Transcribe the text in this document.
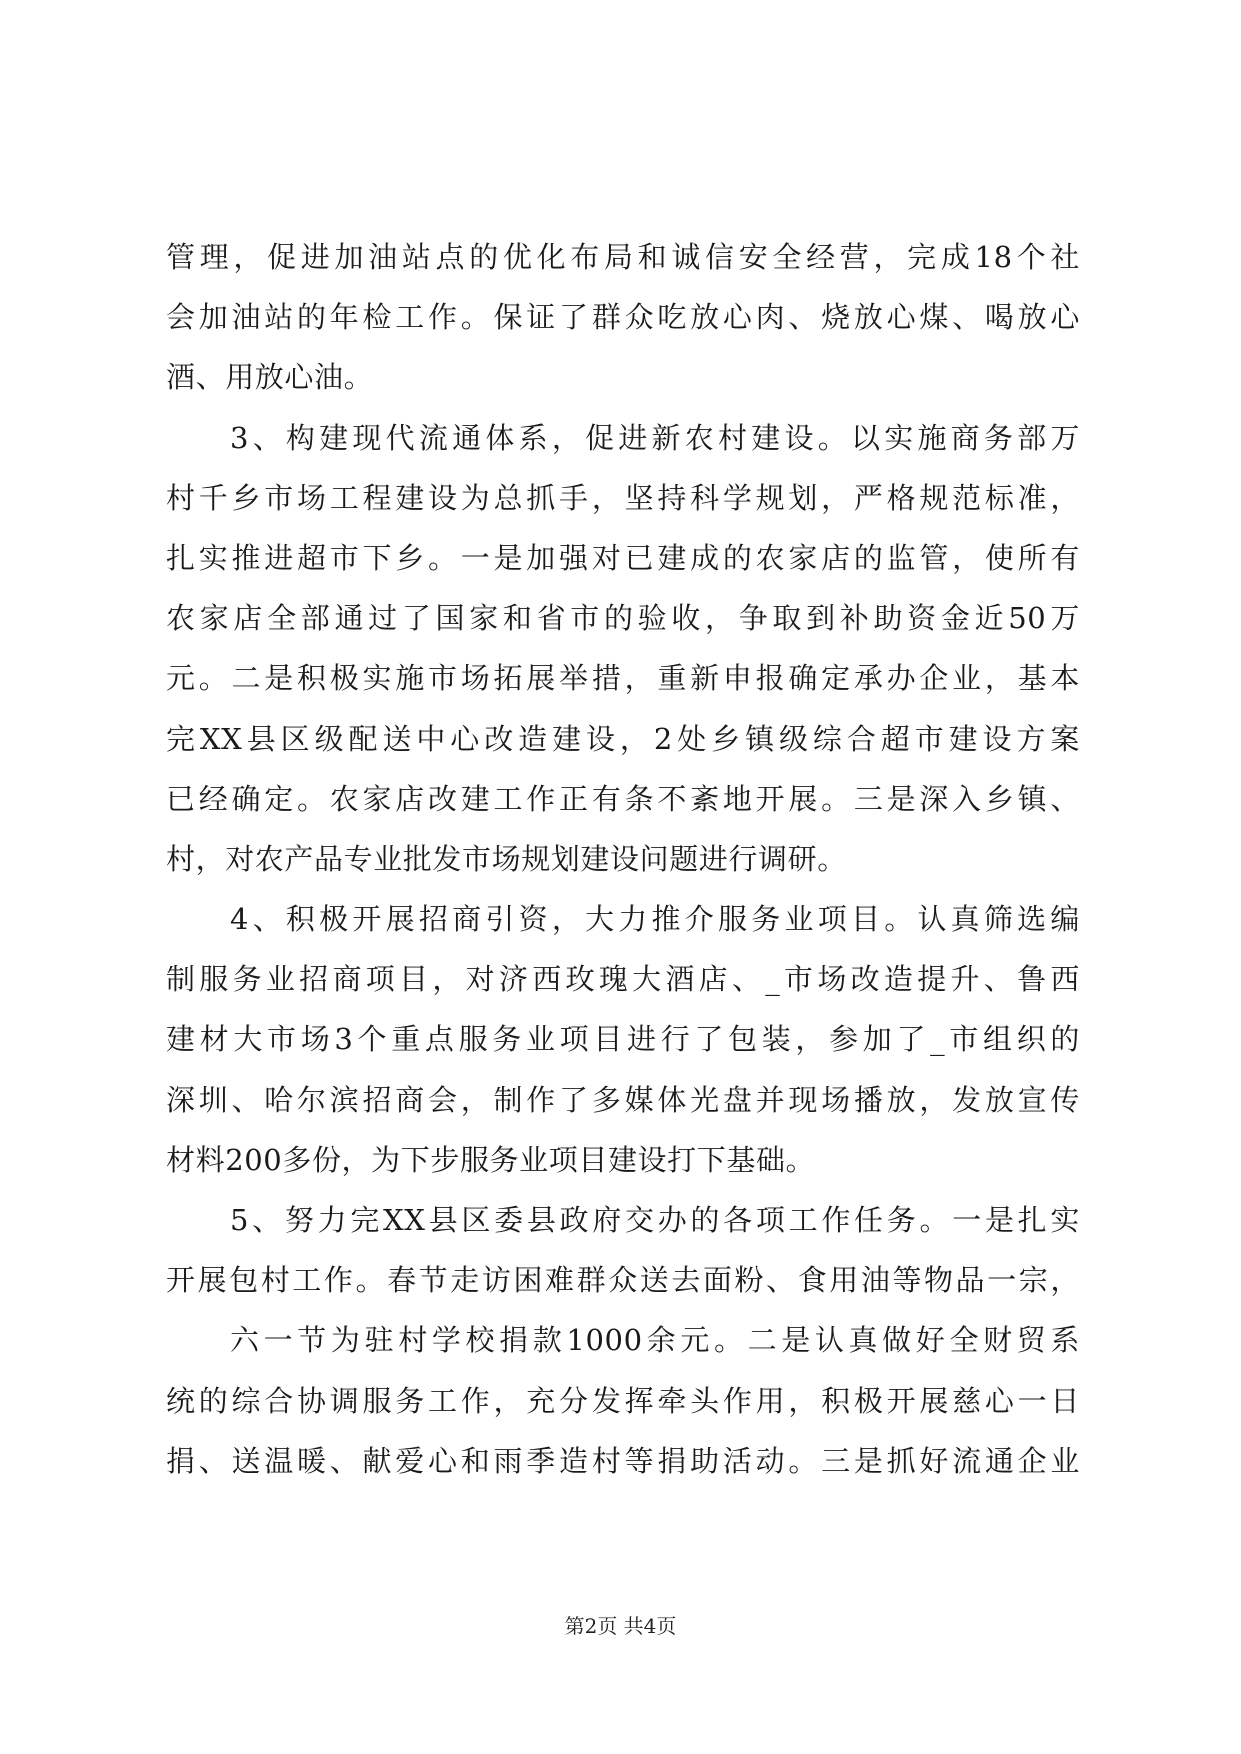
管理，促进加油站点的优化布局和诚信安全经营，完成18个社
会加油站的年检工作。保证了群众吃放心肉、烧放心煤、喝放心
酒、用放心油。
3、构建现代流通体系，促进新农村建设。以实施商务部万
村千乡市场工程建设为总抓手，坚持科学规划，严格规范标准，
扎实推进超市下乡。一是加强对已建成的农家店的监管，使所有
农家店全部通过了国家和省市的验收，争取到补助资金近50万
元。二是积极实施市场拓展举措，重新申报确定承办企业，基本
完XX县区级配送中心改造建设，2处乡镇级综合超市建设方案
已经确定。农家店改建工作正有条不紊地开展。三是深入乡镇、
村，对农产品专业批发市场规划建设问题进行调研。
4、积极开展招商引资，大力推介服务业项目。认真筛选编
制服务业招商项目，对济西玫瑰大酒店、_市场改造提升、鲁西
建材大市场3个重点服务业项目进行了包装，参加了_市组织的
深圳、哈尔滨招商会，制作了多媒体光盘并现场播放，发放宣传
材料200多份，为下步服务业项目建设打下基础。
5、努力完XX县区委县政府交办的各项工作任务。一是扎实
开展包村工作。春节走访困难群众送去面粉、食用油等物品一宗，
六一节为驻村学校捐款1000余元。二是认真做好全财贸系
统的综合协调服务工作，充分发挥牵头作用，积极开展慈心一日
捐、送温暖、献爱心和雨季造村等捐助活动。三是抓好流通企业
第2页 共4页
